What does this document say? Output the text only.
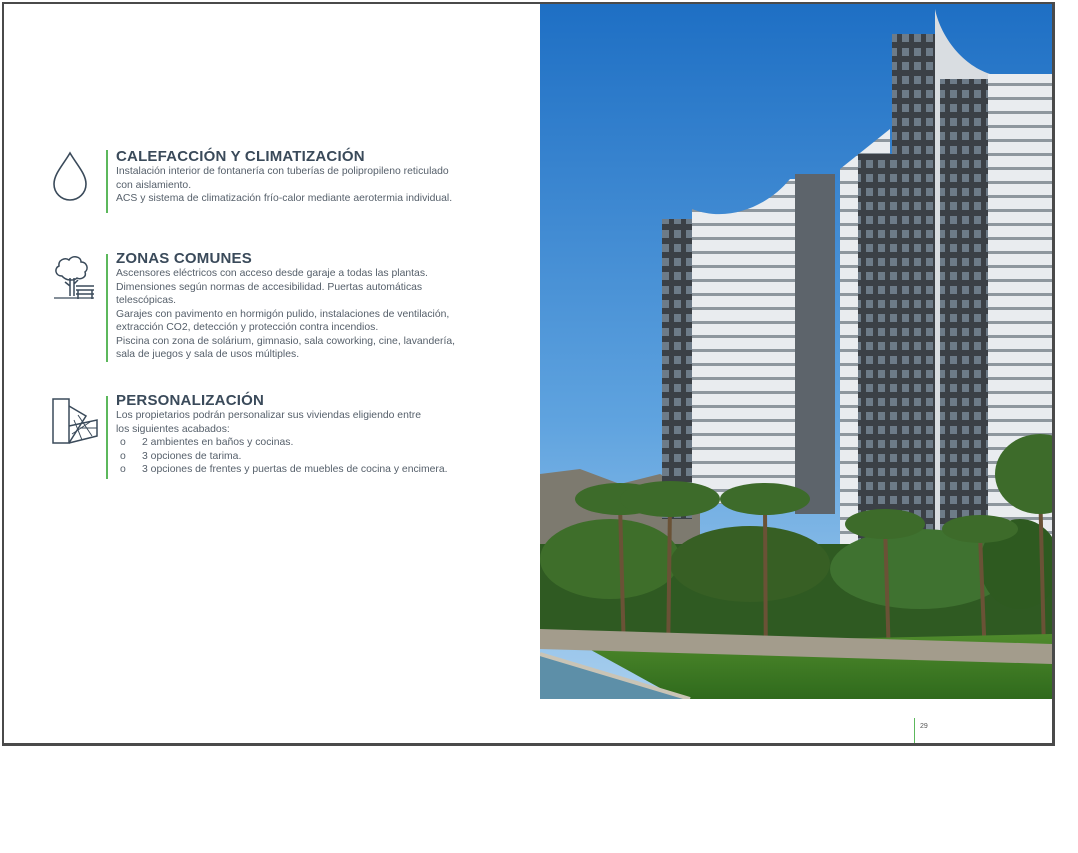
CALEFACCIÓN Y CLIMATIZACIÓN

Instalación interior de fontanería con tuberías de polipropileno reticulado

con aislamiento.

ACS y sistema de climatización frío-calor mediante aerotermia individual.

ZONAS COMUNES

Ascensores eléctricos con acceso desde garaje a todas las plantas.

Dimensiones según normas de accesibilidad. Puertas automáticas

telescópicas.

Garajes con pavimento en hormigón pulido, instalaciones de ventilación,

extracción CO2, detección y protección contra incendios.

Piscina con zona de solárium, gimnasio, sala coworking, cine, lavandería,

sala de juegos y sala de usos múltiples.

PERSONALIZACIÓN

Los propietarios podrán personalizar sus viviendas eligiendo entre

los siguientes acabados:

o 2 ambientes en baños y cocinas.
o 3 opciones de tarima.
o 3 opciones de frentes y puertas de muebles de cocina y encimera.
29
